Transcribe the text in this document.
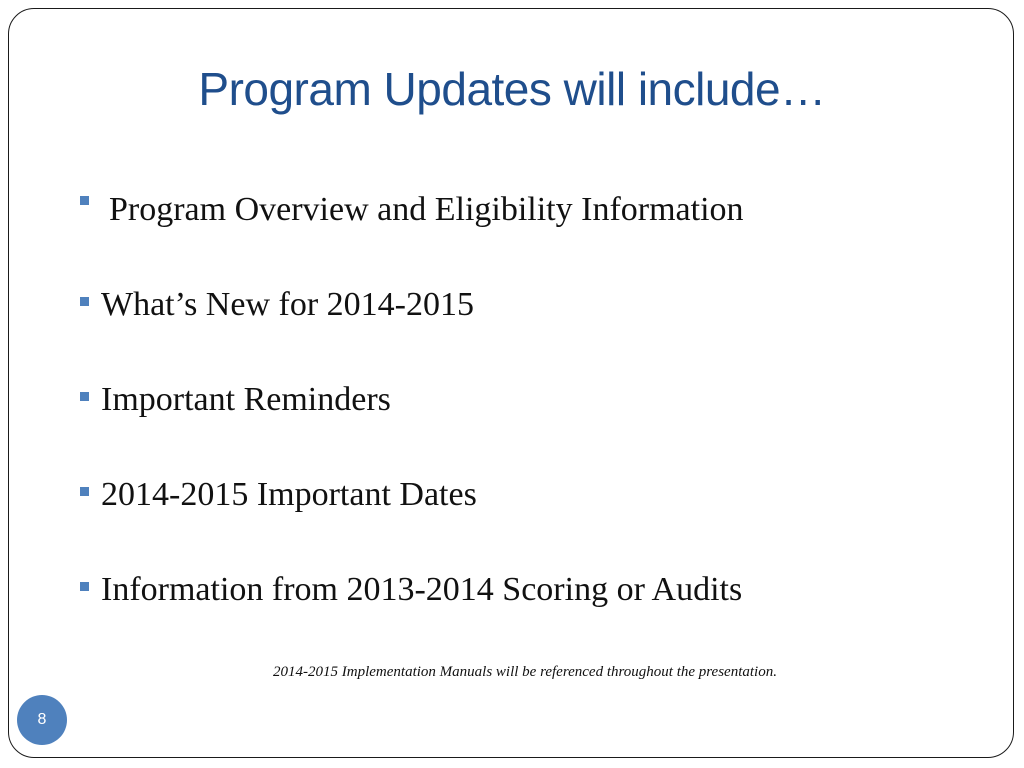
Program Updates will include…
Program Overview and Eligibility Information
What’s New for 2014-2015
Important Reminders
2014-2015 Important Dates
Information from 2013-2014 Scoring or Audits
2014-2015 Implementation Manuals will be referenced throughout the presentation.
8
